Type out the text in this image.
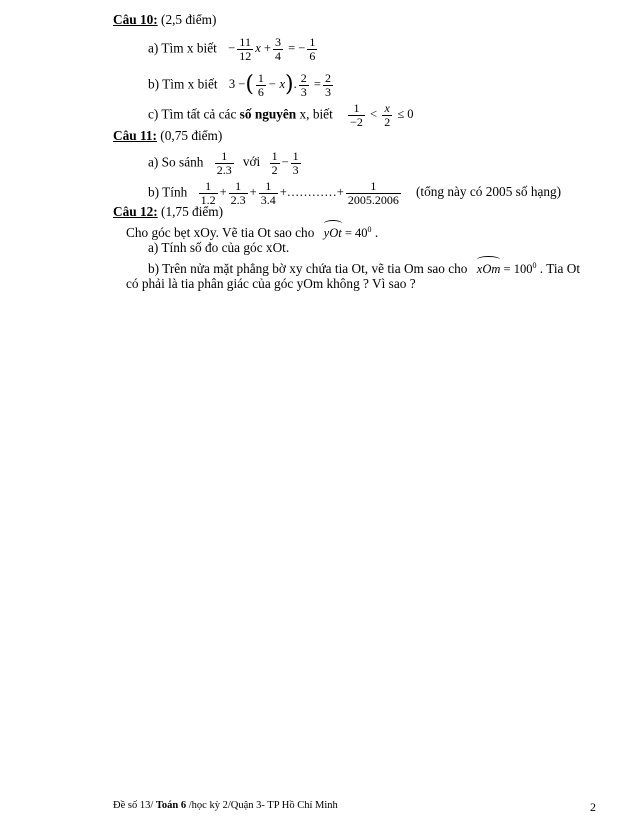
Câu 10: (2,5 điểm)
a) Tìm x biết − $\frac{11}{12}$ $x + \frac{3}{4}$ = − $\frac{1}{6}$
b) Tìm x biết 3 −( $\frac{1}{6} - x$). $\frac{2}{3} = \frac{2}{3}$
c) Tìm tất cả các số nguyên x, biết $\frac{1}{-2} < \frac{x}{2} \le 0$
Câu 11: (0,75 điểm)
a) So sánh $\frac{1}{2.3}$ với $\frac{1}{2} - \frac{1}{3}$
b) Tính $\frac{1}{1.2} + \frac{1}{2.3} + \frac{1}{3.4}$ +…………+ $\frac{1}{2005.2006}$ (tổng này có 2005 số hạng)
Câu 12: (1,75 điểm)
Cho góc bẹt xOy. Vẽ tia Ot sao cho yOt = $40^0$ .
a) Tính số đo của góc xOt.
b) Trên nửa mặt phẳng bờ xy chứa tia Ot, vẽ tia Om sao cho xOm = $100^0$ . Tia Ot
có phải là tia phân giác của góc yOm không ? Vì sao ?
Đề số 13/ Toán 6 /học kỳ 2/Quận 3- TP Hồ Chí Minh	2
